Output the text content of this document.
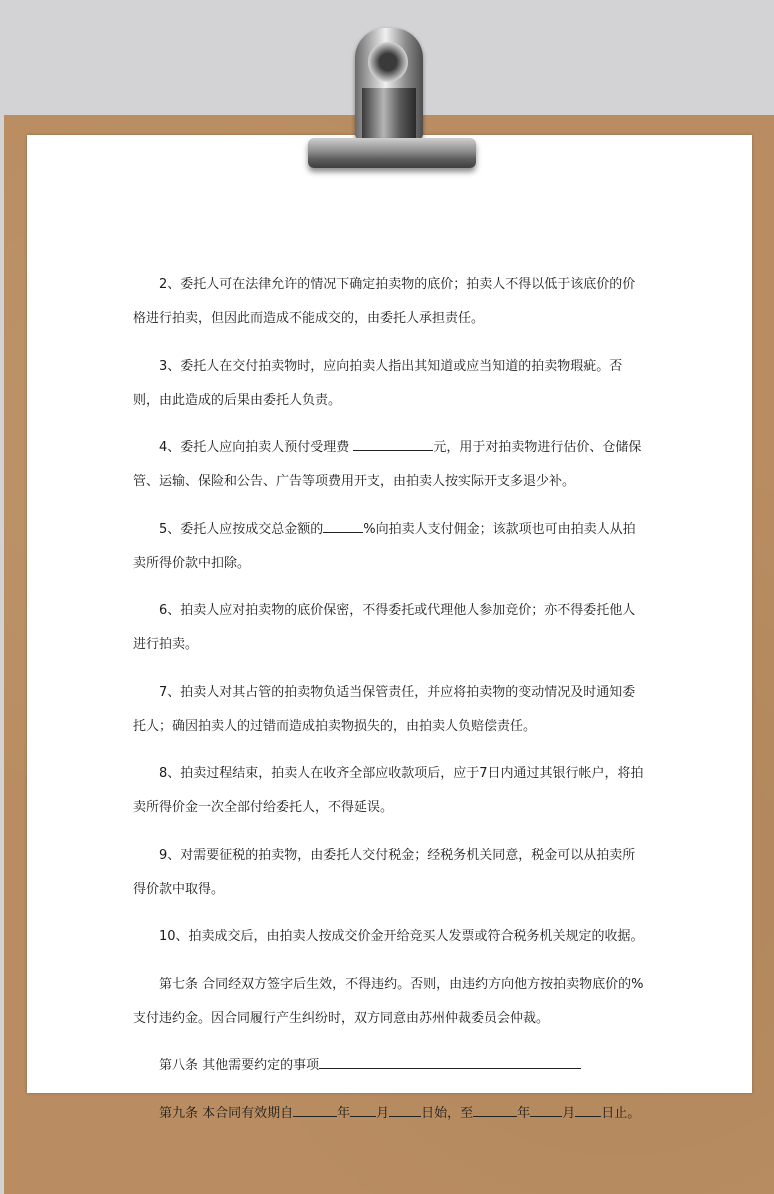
2、委托人可在法律允许的情况下确定拍卖物的底价；拍卖人不得以低于该底价的价格进行拍卖，但因此而造成不能成交的，由委托人承担责任。

3、委托人在交付拍卖物时，应向拍卖人指出其知道或应当知道的拍卖物瑕疵。否则，由此造成的后果由委托人负责。

4、委托人应向拍卖人预付受理费	元，用于对拍卖物进行估价、仓储保管、运输、保险和公告、广告等项费用开支，由拍卖人按实际开支多退少补。

5、委托人应按成交总金额的	%向拍卖人支付佣金；该款项也可由拍卖人从拍卖所得价款中扣除。

6、拍卖人应对拍卖物的底价保密，不得委托或代理他人参加竞价；亦不得委托他人进行拍卖。

7、拍卖人对其占管的拍卖物负适当保管责任，并应将拍卖物的变动情况及时通知委托人；确因拍卖人的过错而造成拍卖物损失的，由拍卖人负赔偿责任。

8、拍卖过程结束，拍卖人在收齐全部应收款项后，应于7日内通过其银行帐户，将拍卖所得价金一次全部付给委托人，不得延误。

9、对需要征税的拍卖物，由委托人交付税金；经税务机关同意，税金可以从拍卖所得价款中取得。

10、拍卖成交后，由拍卖人按成交价金开给竞买人发票或符合税务机关规定的收据。

第七条 合同经双方签字后生效，不得违约。否则，由违约方向他方按拍卖物底价的%支付违约金。因合同履行产生纠纷时，双方同意由苏州仲裁委员会仲裁。

第八条 其他需要约定的事项

第九条 本合同有效期自	年 月 日始，至	年 月 日止。
